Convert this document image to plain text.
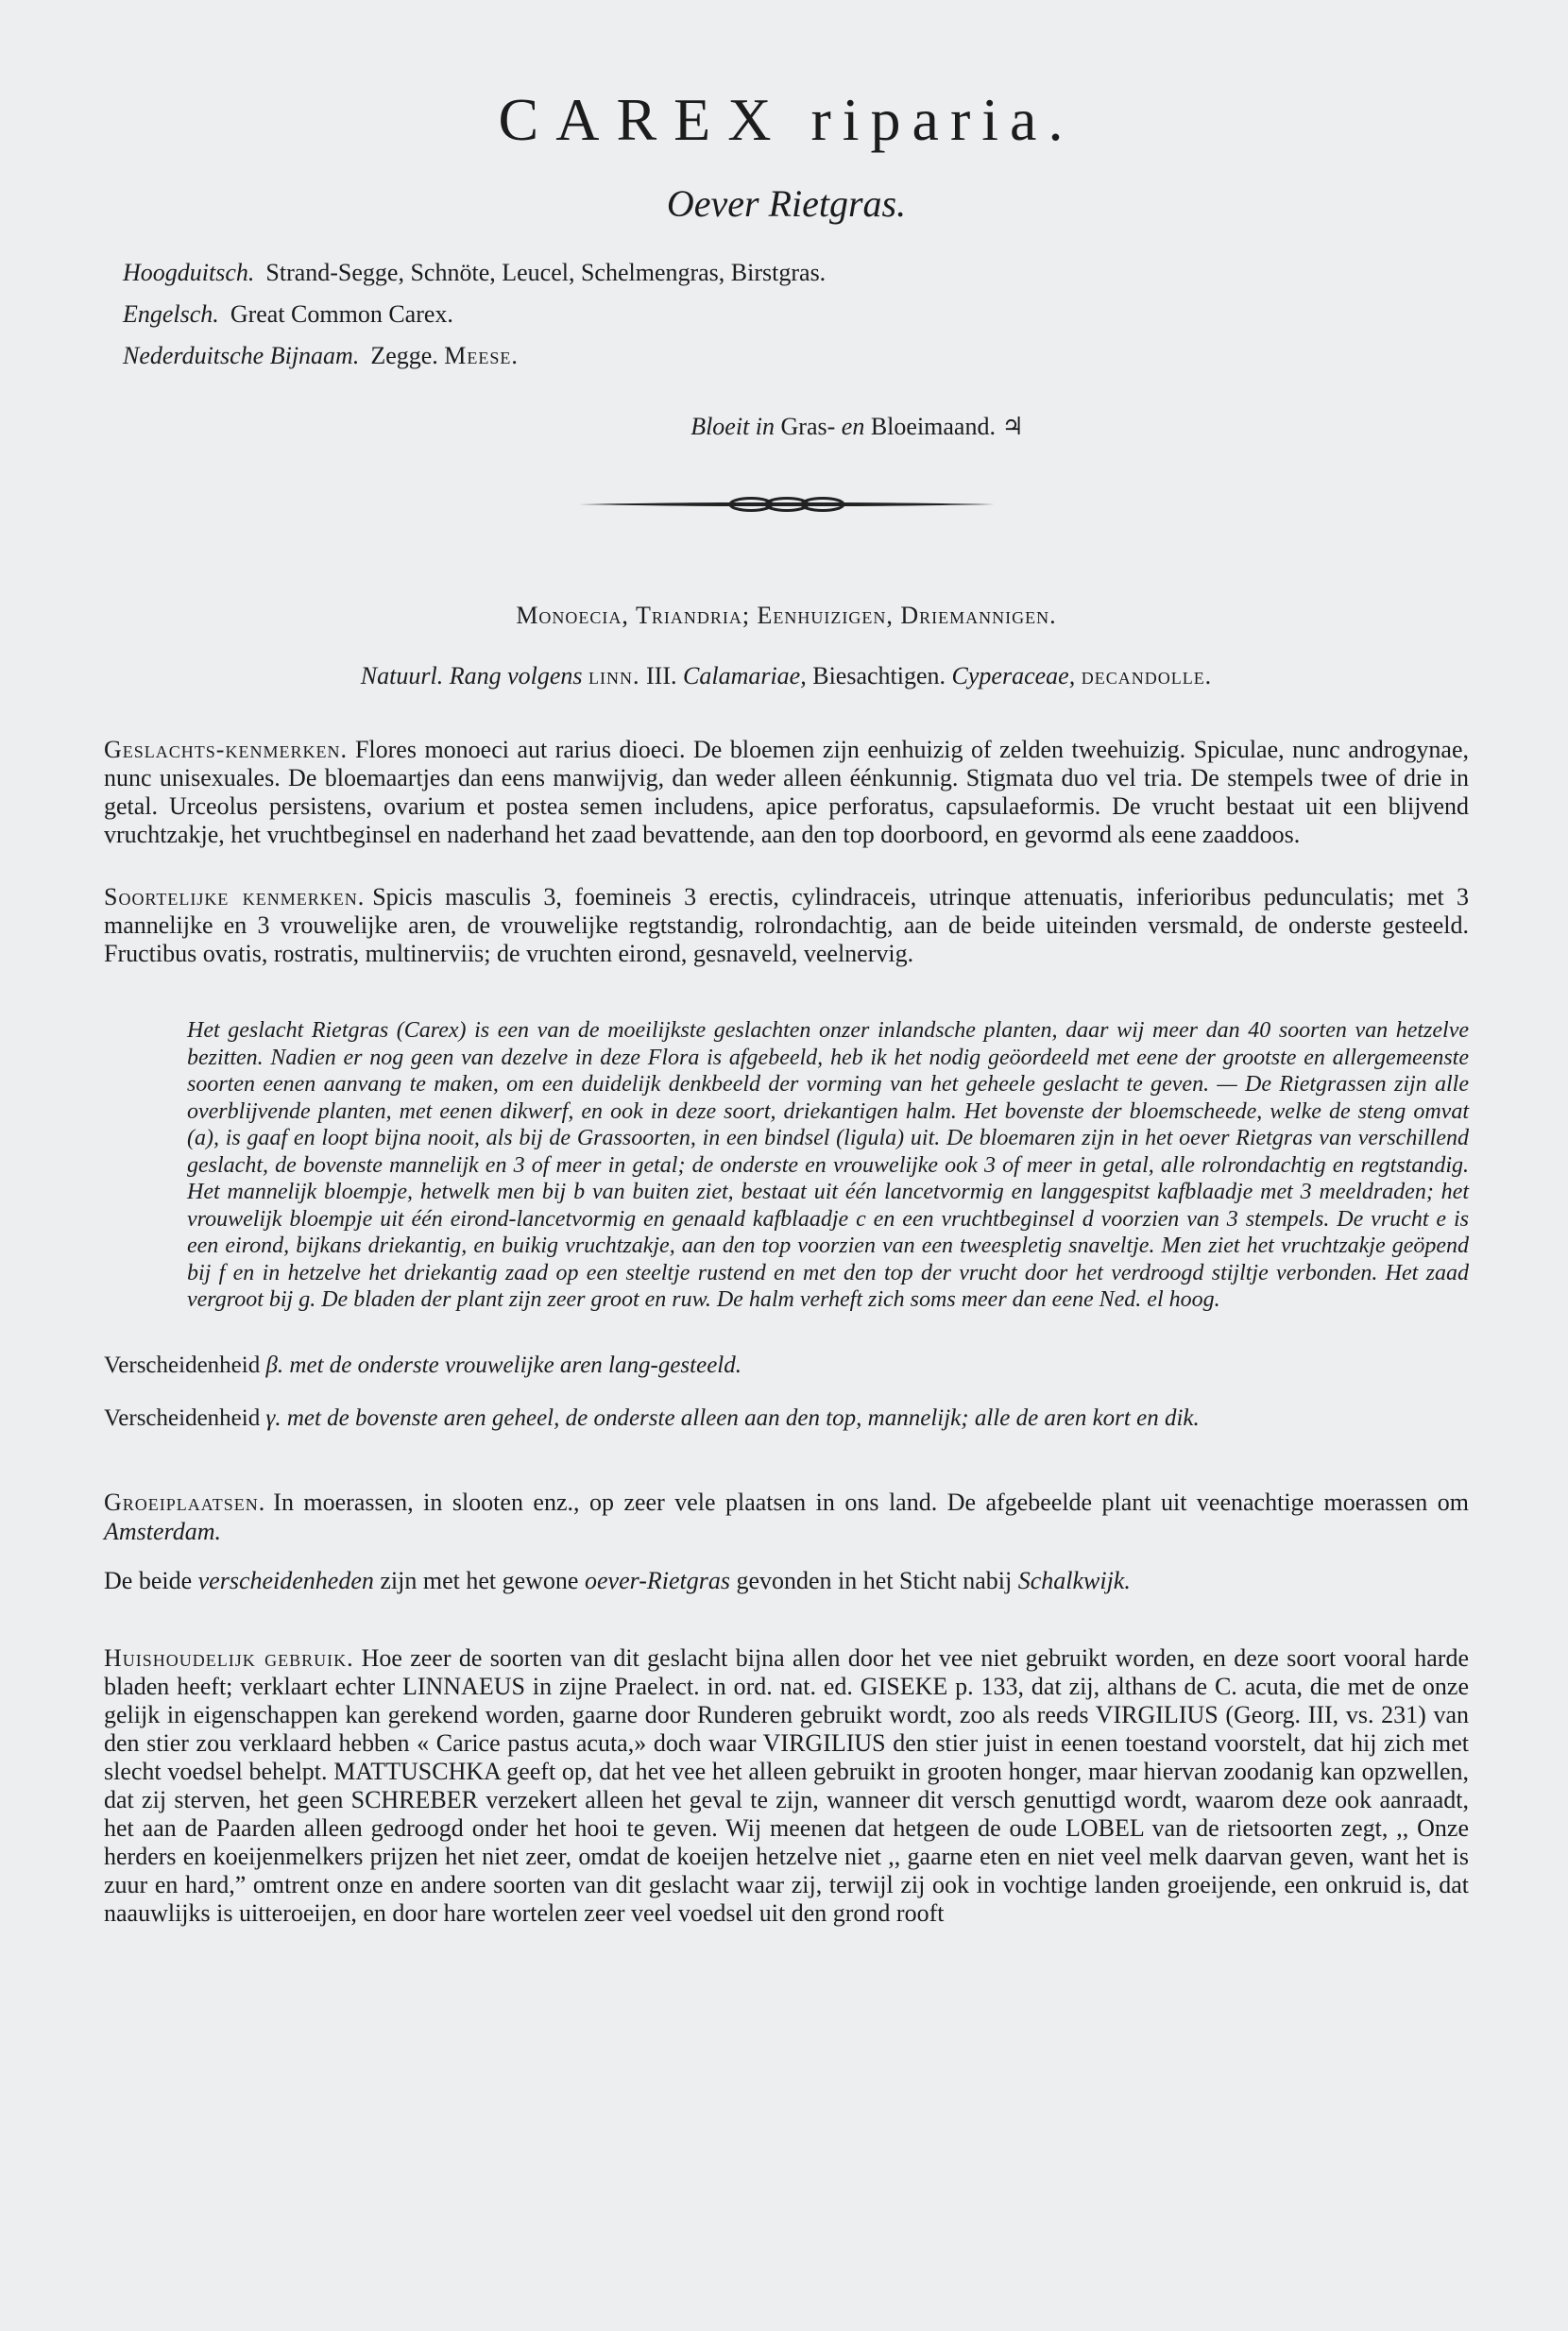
CAREX riparia.
Oever Rietgras.
Hoogduitsch. Strand-Segge, Schnöte, Leucel, Schelmengras, Birstgras.
Engelsch. Great Common Carex.
Nederduitsche Bijnaam. Zegge. Meese.
Bloeit in Gras- en Bloeimaand. ♃
Monoecia, Triandria; Eenhuizigen, Driemannigen.
Natuurl. Rang volgens linn. III. Calamariae, Biesachtigen. Cyperaceae, decandolle.

Geslachts-kenmerken. Flores monoeci aut rarius dioeci. De bloemen zijn eenhuizig of zelden tweehuizig. Spiculae, nunc androgynae, nunc unisexuales. De bloemaartjes dan eens manwijvig, dan weder alleen éénkunnig. Stigmata duo vel tria. De stempels twee of drie in getal. Urceolus persistens, ovarium et postea semen includens, apice perforatus, capsulaeformis. De vrucht bestaat uit een blijvend vruchtzakje, het vruchtbeginsel en naderhand het zaad bevattende, aan den top doorboord, en gevormd als eene zaaddoos.

Soortelijke kenmerken. Spicis masculis 3, foemineis 3 erectis, cylindraceis, utrinque attenuatis, inferioribus pedunculatis; met 3 mannelijke en 3 vrouwelijke aren, de vrouwelijke regtstandig, rolrondachtig, aan de beide uiteinden versmald, de onderste gesteeld. Fructibus ovatis, rostratis, multinerviis; de vruchten eirond, gesnaveld, veelnervig.

Het geslacht Rietgras (Carex) is een van de moeilijkste geslachten onzer inlandsche planten, daar wij meer dan 40 soorten van hetzelve bezitten. Nadien er nog geen van dezelve in deze Flora is afgebeeld, heb ik het nodig geöordeeld met eene der grootste en allergemeenste soorten eenen aanvang te maken, om een duidelijk denkbeeld der vorming van het geheele geslacht te geven. — De Rietgrassen zijn alle overblijvende planten, met eenen dikwerf, en ook in deze soort, driekantigen halm. Het bovenste der bloemscheede, welke de steng omvat (a), is gaaf en loopt bijna nooit, als bij de Grassoorten, in een bindsel (ligula) uit. De bloemaren zijn in het oever Rietgras van verschillend geslacht, de bovenste mannelijk en 3 of meer in getal; de onderste en vrouwelijke ook 3 of meer in getal, alle rolrondachtig en regtstandig. Het mannelijk bloempje, hetwelk men bij b van buiten ziet, bestaat uit één lancetvormig en langgespitst kafblaadje met 3 meeldraden; het vrouwelijk bloempje uit één eirond-lancetvormig en genaald kafblaadje c en een vruchtbeginsel d voorzien van 3 stempels. De vrucht e is een eirond, bijkans driekantig, en buikig vruchtzakje, aan den top voorzien van een tweespletig snaveltje. Men ziet het vruchtzakje geöpend bij f en in hetzelve het driekantig zaad op een steeltje rustend en met den top der vrucht door het verdroogd stijltje verbonden. Het zaad vergroot bij g. De bladen der plant zijn zeer groot en ruw. De halm verheft zich soms meer dan eene Ned. el hoog.

Verscheidenheid β. met de onderste vrouwelijke aren lang-gesteeld.

Verscheidenheid γ. met de bovenste aren geheel, de onderste alleen aan den top, mannelijk; alle de aren kort en dik.

Groeiplaatsen. In moerassen, in slooten enz., op zeer vele plaatsen in ons land. De afgebeelde plant uit veenachtige moerassen om Amsterdam.

De beide verscheidenheden zijn met het gewone oever-Rietgras gevonden in het Sticht nabij Schalkwijk.

Huishoudelijk gebruik. Hoe zeer de soorten van dit geslacht bijna allen door het vee niet gebruikt worden, en deze soort vooral harde bladen heeft; verklaart echter LINNAEUS in zijne Praelect. in ord. nat. ed. GISEKE p. 133, dat zij, althans de C. acuta, die met de onze gelijk in eigenschappen kan gerekend worden, gaarne door Runderen gebruikt wordt, zoo als reeds VIRGILIUS (Georg. III, vs. 231) van den stier zou verklaard hebben « Carice pastus acuta,» doch waar VIRGILIUS den stier juist in eenen toestand voorstelt, dat hij zich met slecht voedsel behelpt. MATTUSCHKA geeft op, dat het vee het alleen gebruikt in grooten honger, maar hiervan zoodanig kan opzwellen, dat zij sterven, het geen SCHREBER verzekert alleen het geval te zijn, wanneer dit versch genuttigd wordt, waarom deze ook aanraadt, het aan de Paarden alleen gedroogd onder het hooi te geven. Wij meenen dat hetgeen de oude LOBEL van de rietsoorten zegt, ,, Onze herders en koeijenmelkers prijzen het niet zeer, omdat de koeijen hetzelve niet ,, gaarne eten en niet veel melk daarvan geven, want het is zuur en hard,” omtrent onze en andere soorten van dit geslacht waar zij, terwijl zij ook in vochtige landen groeijende, een onkruid is, dat naauwlijks is uitteroeijen, en door hare wortelen zeer veel voedsel uit den grond rooft
